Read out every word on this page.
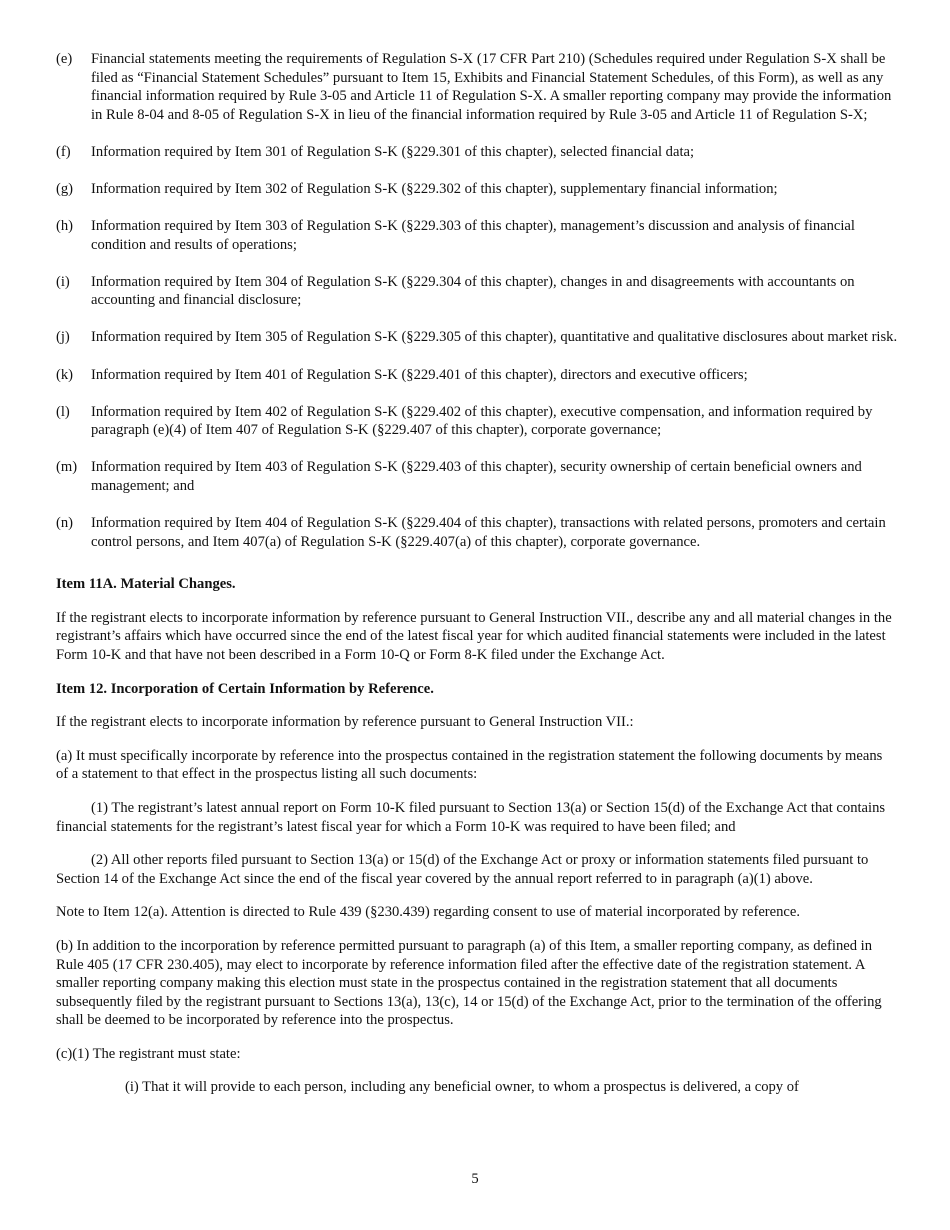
(e) Financial statements meeting the requirements of Regulation S-X (17 CFR Part 210) (Schedules required under Regulation S-X shall be filed as “Financial Statement Schedules” pursuant to Item 15, Exhibits and Financial Statement Schedules, of this Form), as well as any financial information required by Rule 3-05 and Article 11 of Regulation S-X. A smaller reporting company may provide the information in Rule 8-04 and 8-05 of Regulation S-X in lieu of the financial information required by Rule 3-05 and Article 11 of Regulation S-X;
(f) Information required by Item 301 of Regulation S-K (§229.301 of this chapter), selected financial data;
(g) Information required by Item 302 of Regulation S-K (§229.302 of this chapter), supplementary financial information;
(h) Information required by Item 303 of Regulation S-K (§229.303 of this chapter), management’s discussion and analysis of financial condition and results of operations;
(i) Information required by Item 304 of Regulation S-K (§229.304 of this chapter), changes in and disagreements with accountants on accounting and financial disclosure;
(j) Information required by Item 305 of Regulation S-K (§229.305 of this chapter), quantitative and qualitative disclosures about market risk.
(k) Information required by Item 401 of Regulation S-K (§229.401 of this chapter), directors and executive officers;
(l) Information required by Item 402 of Regulation S-K (§229.402 of this chapter), executive compensation, and information required by paragraph (e)(4) of Item 407 of Regulation S-K (§229.407 of this chapter), corporate governance;
(m) Information required by Item 403 of Regulation S-K (§229.403 of this chapter), security ownership of certain beneficial owners and management; and
(n) Information required by Item 404 of Regulation S-K (§229.404 of this chapter), transactions with related persons, promoters and certain control persons, and Item 407(a) of Regulation S-K (§229.407(a) of this chapter), corporate governance.
Item 11A. Material Changes.
If the registrant elects to incorporate information by reference pursuant to General Instruction VII., describe any and all material changes in the registrant’s affairs which have occurred since the end of the latest fiscal year for which audited financial statements were included in the latest Form 10-K and that have not been described in a Form 10-Q or Form 8-K filed under the Exchange Act.
Item 12. Incorporation of Certain Information by Reference.
If the registrant elects to incorporate information by reference pursuant to General Instruction VII.:
(a) It must specifically incorporate by reference into the prospectus contained in the registration statement the following documents by means of a statement to that effect in the prospectus listing all such documents:
(1) The registrant’s latest annual report on Form 10-K filed pursuant to Section 13(a) or Section 15(d) of the Exchange Act that contains financial statements for the registrant’s latest fiscal year for which a Form 10-K was required to have been filed; and
(2) All other reports filed pursuant to Section 13(a) or 15(d) of the Exchange Act or proxy or information statements filed pursuant to Section 14 of the Exchange Act since the end of the fiscal year covered by the annual report referred to in paragraph (a)(1) above.
Note to Item 12(a). Attention is directed to Rule 439 (§230.439) regarding consent to use of material incorporated by reference.
(b) In addition to the incorporation by reference permitted pursuant to paragraph (a) of this Item, a smaller reporting company, as defined in Rule 405 (17 CFR 230.405), may elect to incorporate by reference information filed after the effective date of the registration statement. A smaller reporting company making this election must state in the prospectus contained in the registration statement that all documents subsequently filed by the registrant pursuant to Sections 13(a), 13(c), 14 or 15(d) of the Exchange Act, prior to the termination of the offering shall be deemed to be incorporated by reference into the prospectus.
(c)(1) The registrant must state:
(i) That it will provide to each person, including any beneficial owner, to whom a prospectus is delivered, a copy of
5
